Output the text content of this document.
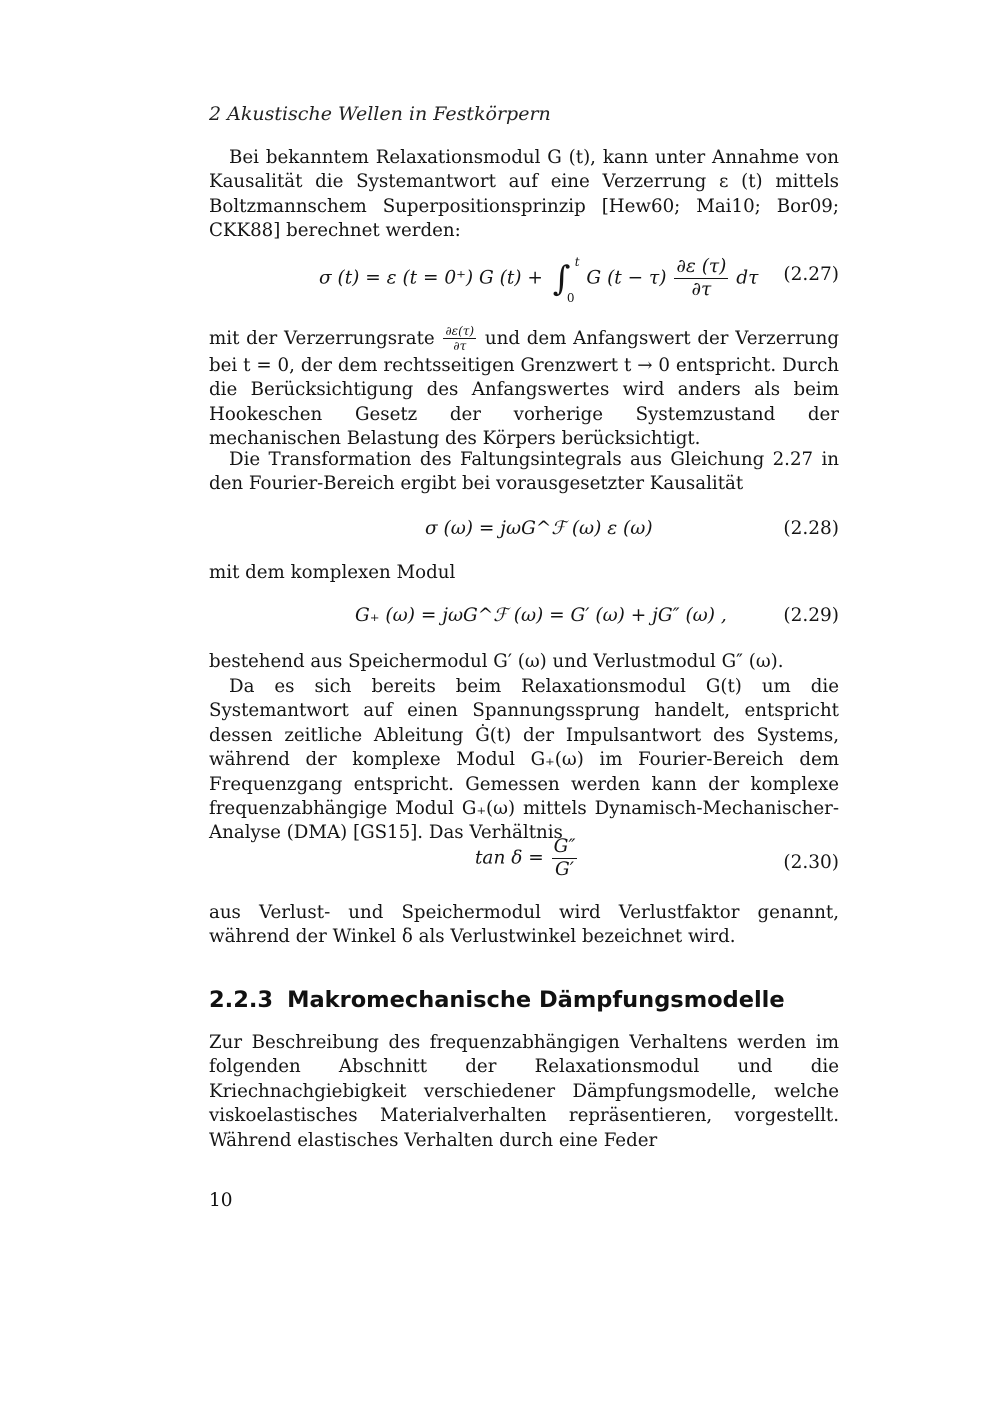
2 Akustische Wellen in Festkörpern

Bei bekanntem Relaxationsmodul G (t), kann unter Annahme von Kausalität die Systemantwort auf eine Verzerrung ε (t) mittels Boltzmannschem Superpositionsprinzip [Hew60; Mai10; Bor09; CKK88] berechnet werden:

σ (t) = ε (t = 0⁺) G (t) + ∫ t
0
G $(t - \tau) \frac{\partial\varepsilon (\tau)}{\partial\tau}$ dτ (2.27)

mit der Verzerrungsrate $\frac{\partial\varepsilon(\tau)}{\partial\tau}$ und dem Anfangswert der Verzerrung bei t = 0, der dem rechtsseitigen Grenzwert t → 0 entspricht. Durch die Berücksichtigung des Anfangswertes wird anders als beim Hookeschen Gesetz der vorherige Systemzustand der mechanischen Belastung des Körpers berücksichtigt.

Die Transformation des Faltungsintegrals aus Gleichung 2.27 in den Fourier-Bereich ergibt bei vorausgesetzter Kausalität

σ (ω) = jωG^ℱ (ω) ε (ω)	(2.28)

mit dem komplexen Modul

G₊ (ω) = jωG^ℱ (ω) = G′ (ω) + jG″ (ω) ,	(2.29)

bestehend aus Speichermodul G′ (ω) und Verlustmodul G″ (ω).

Da es sich bereits beim Relaxationsmodul G(t) um die Systemantwort auf einen Spannungssprung handelt, entspricht dessen zeitliche Ableitung Ġ(t) der Impulsantwort des Systems, während der komplexe Modul G₊(ω) im Fourier-Bereich dem Frequenzgang entspricht. Gemessen werden kann der komplexe frequenzabhängige Modul G₊(ω) mittels Dynamisch-Mechanischer-Analyse (DMA) [GS15]. Das Verhältnis

$\tan \delta = \frac{G''}{G'}$	(2.30)

aus Verlust- und Speichermodul wird Verlustfaktor genannt, während der Winkel δ als Verlustwinkel bezeichnet wird.

2.2.3 Makromechanische Dämpfungsmodelle

Zur Beschreibung des frequenzabhängigen Verhaltens werden im folgenden Abschnitt der Relaxationsmodul und die Kriechnachgiebigkeit verschiedener Dämpfungsmodelle, welche viskoelastisches Materialverhalten repräsentieren, vorgestellt. Während elastisches Verhalten durch eine Feder

10
